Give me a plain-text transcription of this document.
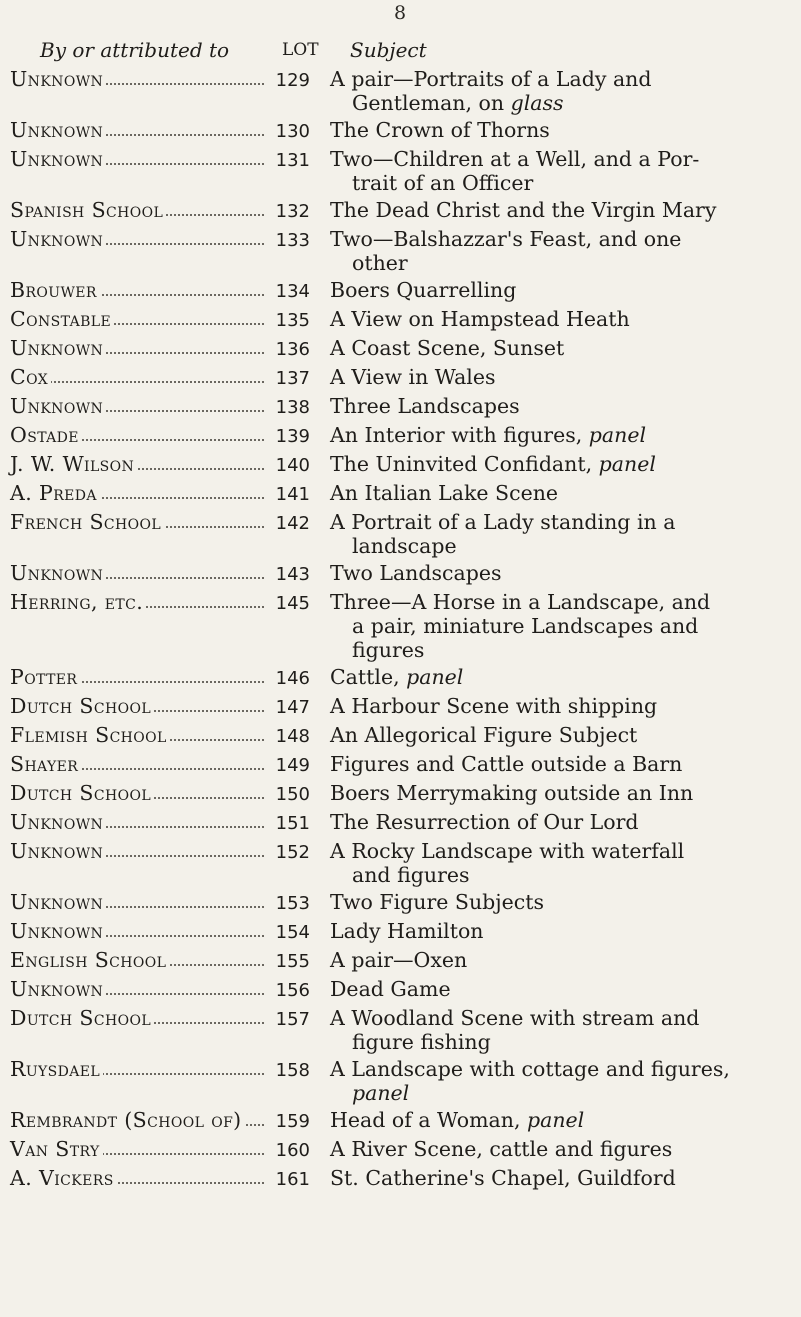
8
By or attributed to	LOT Subject
Unknown	129 A pair—Portraits of a Lady and
Gentleman, on glass
Unknown	130 The Crown of Thorns
Unknown	131 Two—Children at a Well, and a Por-
trait of an Officer
Spanish School	132 The Dead Christ and the Virgin Mary
Unknown	133 Two—Balshazzar's Feast, and one
other
Brouwer	134 Boers Quarrelling
Constable	135 A View on Hampstead Heath
Unknown	136 A Coast Scene, Sunset
Cox	137 A View in Wales
Unknown	138 Three Landscapes
Ostade	139 An Interior with figures, panel
J. W. Wilson	140 The Uninvited Confidant, panel
A. Preda	141 An Italian Lake Scene
French School	142 A Portrait of a Lady standing in a
landscape
Unknown	143 Two Landscapes
Herring, etc.	145 Three—A Horse in a Landscape, and
a pair, miniature Landscapes and
figures
Potter	146 Cattle, panel
Dutch School	147 A Harbour Scene with shipping
Flemish School	148 An Allegorical Figure Subject
Shayer	149 Figures and Cattle outside a Barn
Dutch School	150 Boers Merrymaking outside an Inn
Unknown	151 The Resurrection of Our Lord
Unknown	152 A Rocky Landscape with waterfall
and figures
Unknown	153 Two Figure Subjects
Unknown	154 Lady Hamilton
English School	155 A pair—Oxen
Unknown	156 Dead Game
Dutch School	157 A Woodland Scene with stream and
figure fishing
Ruysdael	158 A Landscape with cottage and figures,
panel
Rembrandt (School of)	159 Head of a Woman, panel
Van Stry	160 A River Scene, cattle and figures
A. Vickers	161 St. Catherine's Chapel, Guildford
